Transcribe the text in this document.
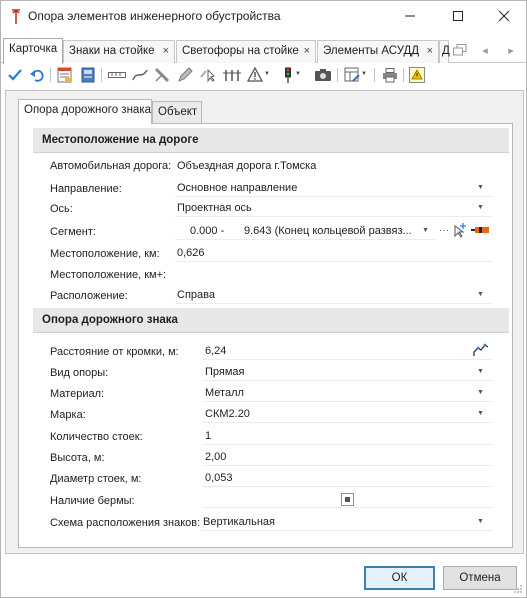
Опора элементов инженерного обустройства
Карточка	Знаки на стойке ×	Светофоры на стойке ×	Элементы АСУДД × Д	◂ ▸
▼	▼	▼
Опора дорожного знака Объект
Местоположение на дороге
Автомобильная дорога: Объездная дорога г.Томска
Направление:	Основное направление	▼
Ось:	Проектная ось	▼
Сегмент:	0.000 - 9.643 (Конец кольцевой развяз... ▼ ···
Местоположение, км: 0,626
Местоположение, км+:
Расположение:	Справа	▼
Опора дорожного знака
Расстояние от кромки, м: 6,24
Вид опоры:	Прямая	▼
Материал:	Металл	▼
Марка:	СКМ2.20	▼
Количество стоек:	1
Высота, м:	2,00
Диаметр стоек, м:	0,053
Наличие бермы:
Схема расположения знаков: Вертикальная	▼
ОК	Отмена
